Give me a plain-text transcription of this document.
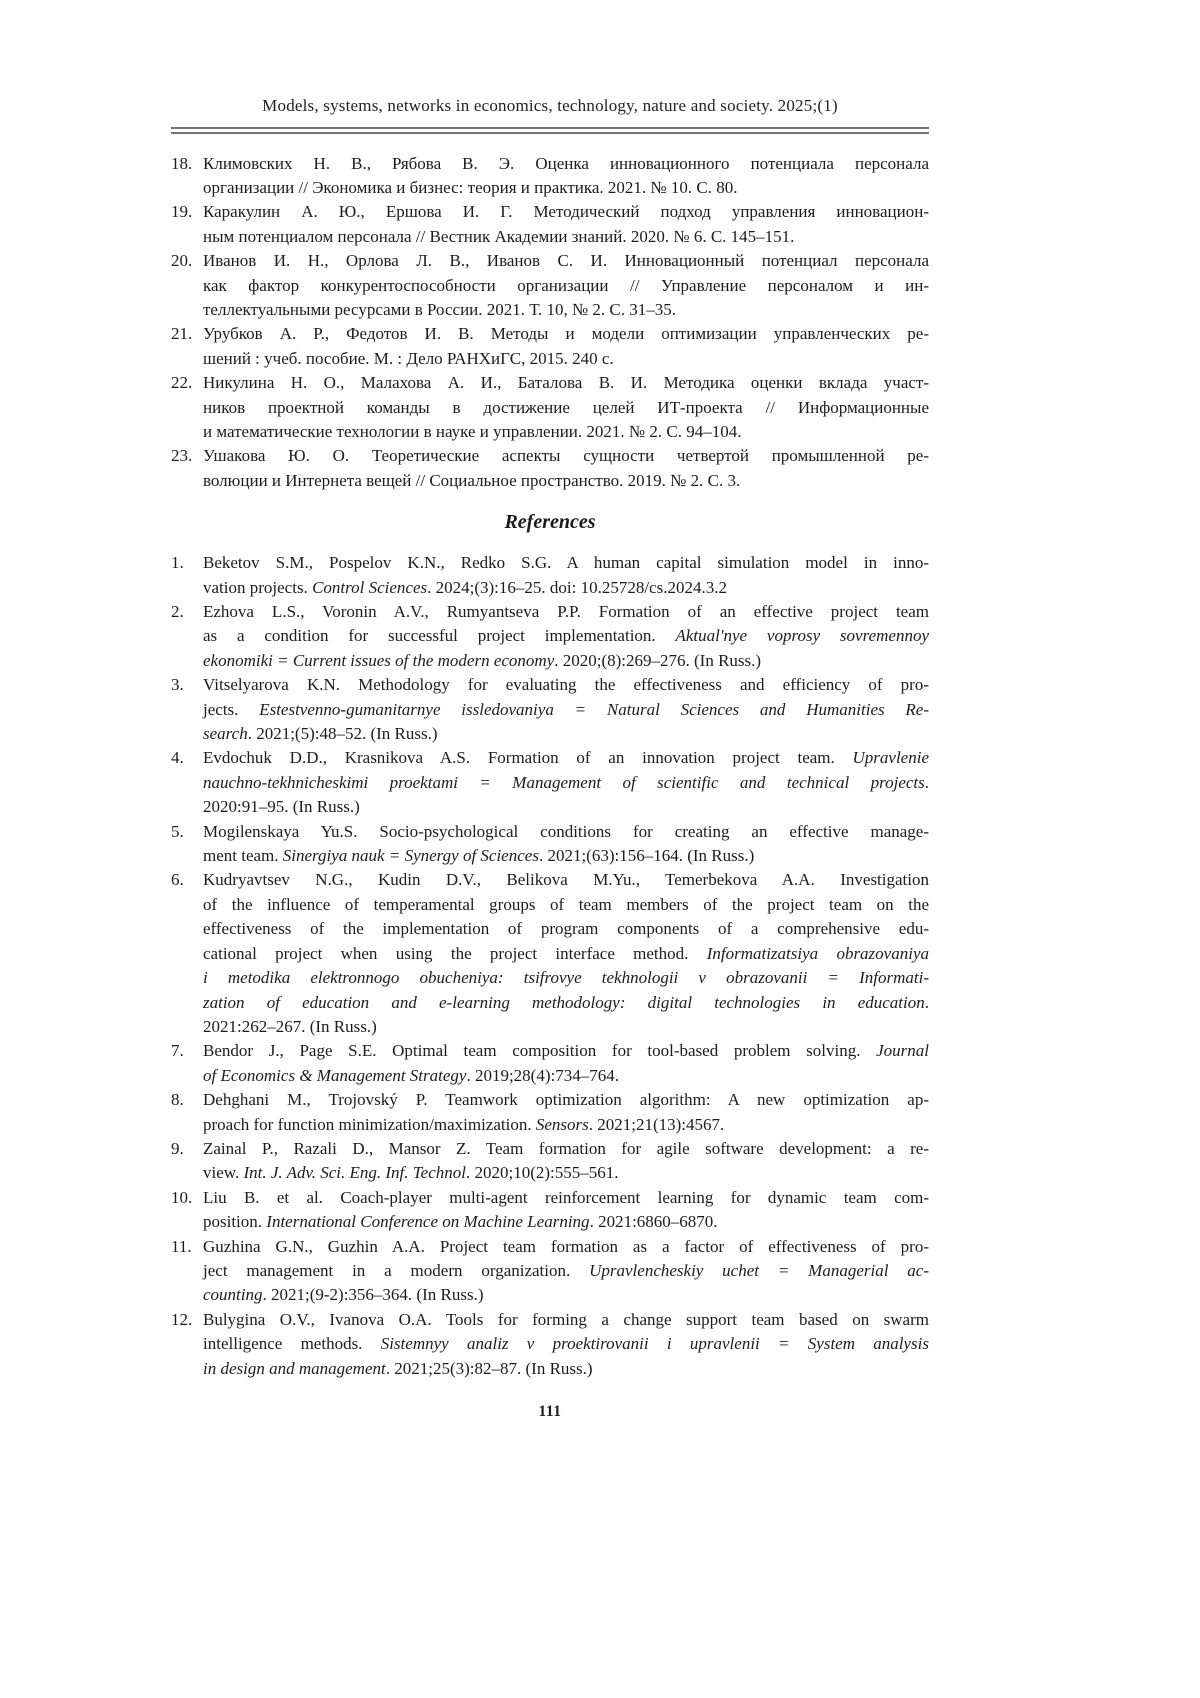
Models, systems, networks in economics, technology, nature and society. 2025;(1)
18. Климовских Н. В., Рябова В. Э. Оценка инновационного потенциала персонала
организации // Экономика и бизнес: теория и практика. 2021. № 10. С. 80.
19. Каракулин А. Ю., Ершова И. Г. Методический подход управления инновацион-
ным потенциалом персонала // Вестник Академии знаний. 2020. № 6. С. 145–151.
20. Иванов И. Н., Орлова Л. В., Иванов С. И. Инновационный потенциал персонала
как фактор конкурентоспособности организации // Управление персоналом и ин-
теллектуальными ресурсами в России. 2021. Т. 10, № 2. С. 31–35.
21. Урубков А. Р., Федотов И. В. Методы и модели оптимизации управленческих ре-
шений : учеб. пособие. М. : Дело РАНХиГС, 2015. 240 с.
22. Никулина Н. О., Малахова А. И., Баталова В. И. Методика оценки вклада участ-
ников проектной команды в достижение целей ИТ-проекта // Информационные
и математические технологии в науке и управлении. 2021. № 2. С. 94–104.
23. Ушакова Ю. О. Теоретические аспекты сущности четвертой промышленной ре-
волюции и Интернета вещей // Социальное пространство. 2019. № 2. С. 3.
References
1. Beketov S.M., Pospelov K.N., Redko S.G. A human capital simulation model in inno-
vation projects. Control Sciences. 2024;(3):16–25. doi: 10.25728/cs.2024.3.2
2. Ezhova L.S., Voronin A.V., Rumyantseva P.P. Formation of an effective project team
as a condition for successful project implementation. Aktual'nye voprosy sovremennoy
ekonomiki = Current issues of the modern economy. 2020;(8):269–276. (In Russ.)
3. Vitselyarova K.N. Methodology for evaluating the effectiveness and efficiency of pro-
jects. Estestvenno-gumanitarnye issledovaniya = Natural Sciences and Humanities Re-
search. 2021;(5):48–52. (In Russ.)
4. Evdochuk D.D., Krasnikova A.S. Formation of an innovation project team. Upravlenie
nauchno-tekhnicheskimi proektami = Management of scientific and technical projects.
2020:91–95. (In Russ.)
5. Mogilenskaya Yu.S. Socio-psychological conditions for creating an effective manage-
ment team. Sinergiya nauk = Synergy of Sciences. 2021;(63):156–164. (In Russ.)
6. Kudryavtsev N.G., Kudin D.V., Belikova M.Yu., Temerbekova A.A. Investigation
of the influence of temperamental groups of team members of the project team on the
effectiveness of the implementation of program components of a comprehensive edu-
cational project when using the project interface method. Informatizatsiya obrazovaniya
i metodika elektronnogo obucheniya: tsifrovye tekhnologii v obrazovanii = Informati-
zation of education and e-learning methodology: digital technologies in education.
2021:262–267. (In Russ.)
7. Bendor J., Page S.E. Optimal team composition for tool-based problem solving. Journal
of Economics & Management Strategy. 2019;28(4):734–764.
8. Dehghani M., Trojovský P. Teamwork optimization algorithm: A new optimization ap-
proach for function minimization/maximization. Sensors. 2021;21(13):4567.
9. Zainal P., Razali D., Mansor Z. Team formation for agile software development: a re-
view. Int. J. Adv. Sci. Eng. Inf. Technol. 2020;10(2):555–561.
10. Liu B. et al. Coach-player multi-agent reinforcement learning for dynamic team com-
position. International Conference on Machine Learning. 2021:6860–6870.
11. Guzhina G.N., Guzhin A.A. Project team formation as a factor of effectiveness of pro-
ject management in a modern organization. Upravlencheskiy uchet = Managerial ac-
counting. 2021;(9-2):356–364. (In Russ.)
12. Bulygina O.V., Ivanova O.A. Tools for forming a change support team based on swarm
intelligence methods. Sistemnyy analiz v proektirovanii i upravlenii = System analysis
in design and management. 2021;25(3):82–87. (In Russ.)
111
